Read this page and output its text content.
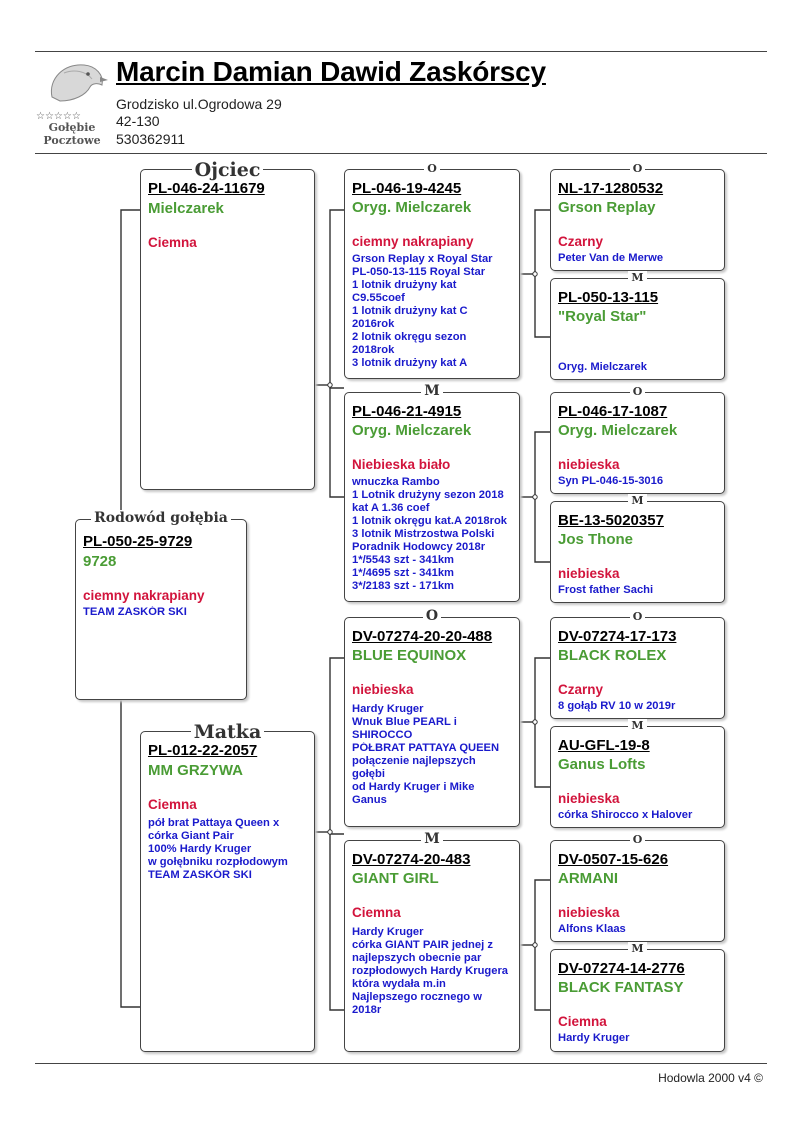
☆☆☆☆☆
Gołębie
Pocztowe
Marcin Damian Dawid Zaskórscy
Grodzisko ul.Ogrodowa 29
42-130
530362911
Rodowód gołębia
PL-050-25-9729
9728
ciemny nakrapiany
TEAM ZASKÓR SKI
Ojciec
PL-046-24-11679
Mielczarek
Ciemna
Matka
PL-012-22-2057
MM GRZYWA
Ciemna
pół brat Pattaya Queen x
córka Giant Pair
100% Hardy Kruger
w gołębniku rozpłodowym
TEAM ZASKÓR SKI
O
PL-046-19-4245
Oryg. Mielczarek
ciemny nakrapiany
Grson Replay x Royal Star
PL-050-13-115 Royal Star
1 lotnik drużyny kat
C9.55coef
1 lotnik drużyny kat C
2016rok
2 lotnik okręgu sezon
2018rok
3 lotnik drużyny kat A
M
PL-046-21-4915
Oryg. Mielczarek
Niebieska biało
wnuczka Rambo
1 Lotnik drużyny sezon 2018
kat A 1.36 coef
1 lotnik okręgu kat.A 2018rok
3 lotnik Mistrzostwa Polski
Poradnik Hodowcy 2018r
1*/5543 szt - 341km
1*/4695 szt - 341km
3*/2183 szt - 171km
O
DV-07274-20-20-488
BLUE EQUINOX
niebieska
Hardy Kruger
Wnuk Blue PEARL i
SHIROCCO
PÓŁBRAT PATTAYA QUEEN
połączenie najlepszych
gołębi
od Hardy Kruger i Mike
Ganus
M
DV-07274-20-483
GIANT GIRL
Ciemna
Hardy Kruger
córka GIANT PAIR jednej z
najlepszych obecnie par
rozpłodowych Hardy Krugera
która wydała m.in
Najlepszego rocznego w
2018r
O
NL-17-1280532
Grson Replay
Czarny
Peter Van de Merwe
M
PL-050-13-115
"Royal Star"
Oryg. Mielczarek
O
PL-046-17-1087
Oryg. Mielczarek
niebieska
Syn PL-046-15-3016
M
BE-13-5020357
Jos Thone
niebieska
Frost father Sachi
O
DV-07274-17-173
BLACK ROLEX
Czarny
8 gołąb RV 10 w 2019r
M
AU-GFL-19-8
Ganus Lofts
niebieska
córka Shirocco x Halover
O
DV-0507-15-626
ARMANI
niebieska
Alfons Klaas
M
DV-07274-14-2776
BLACK FANTASY
Ciemna
Hardy Kruger
Hodowla 2000 v4 ©
